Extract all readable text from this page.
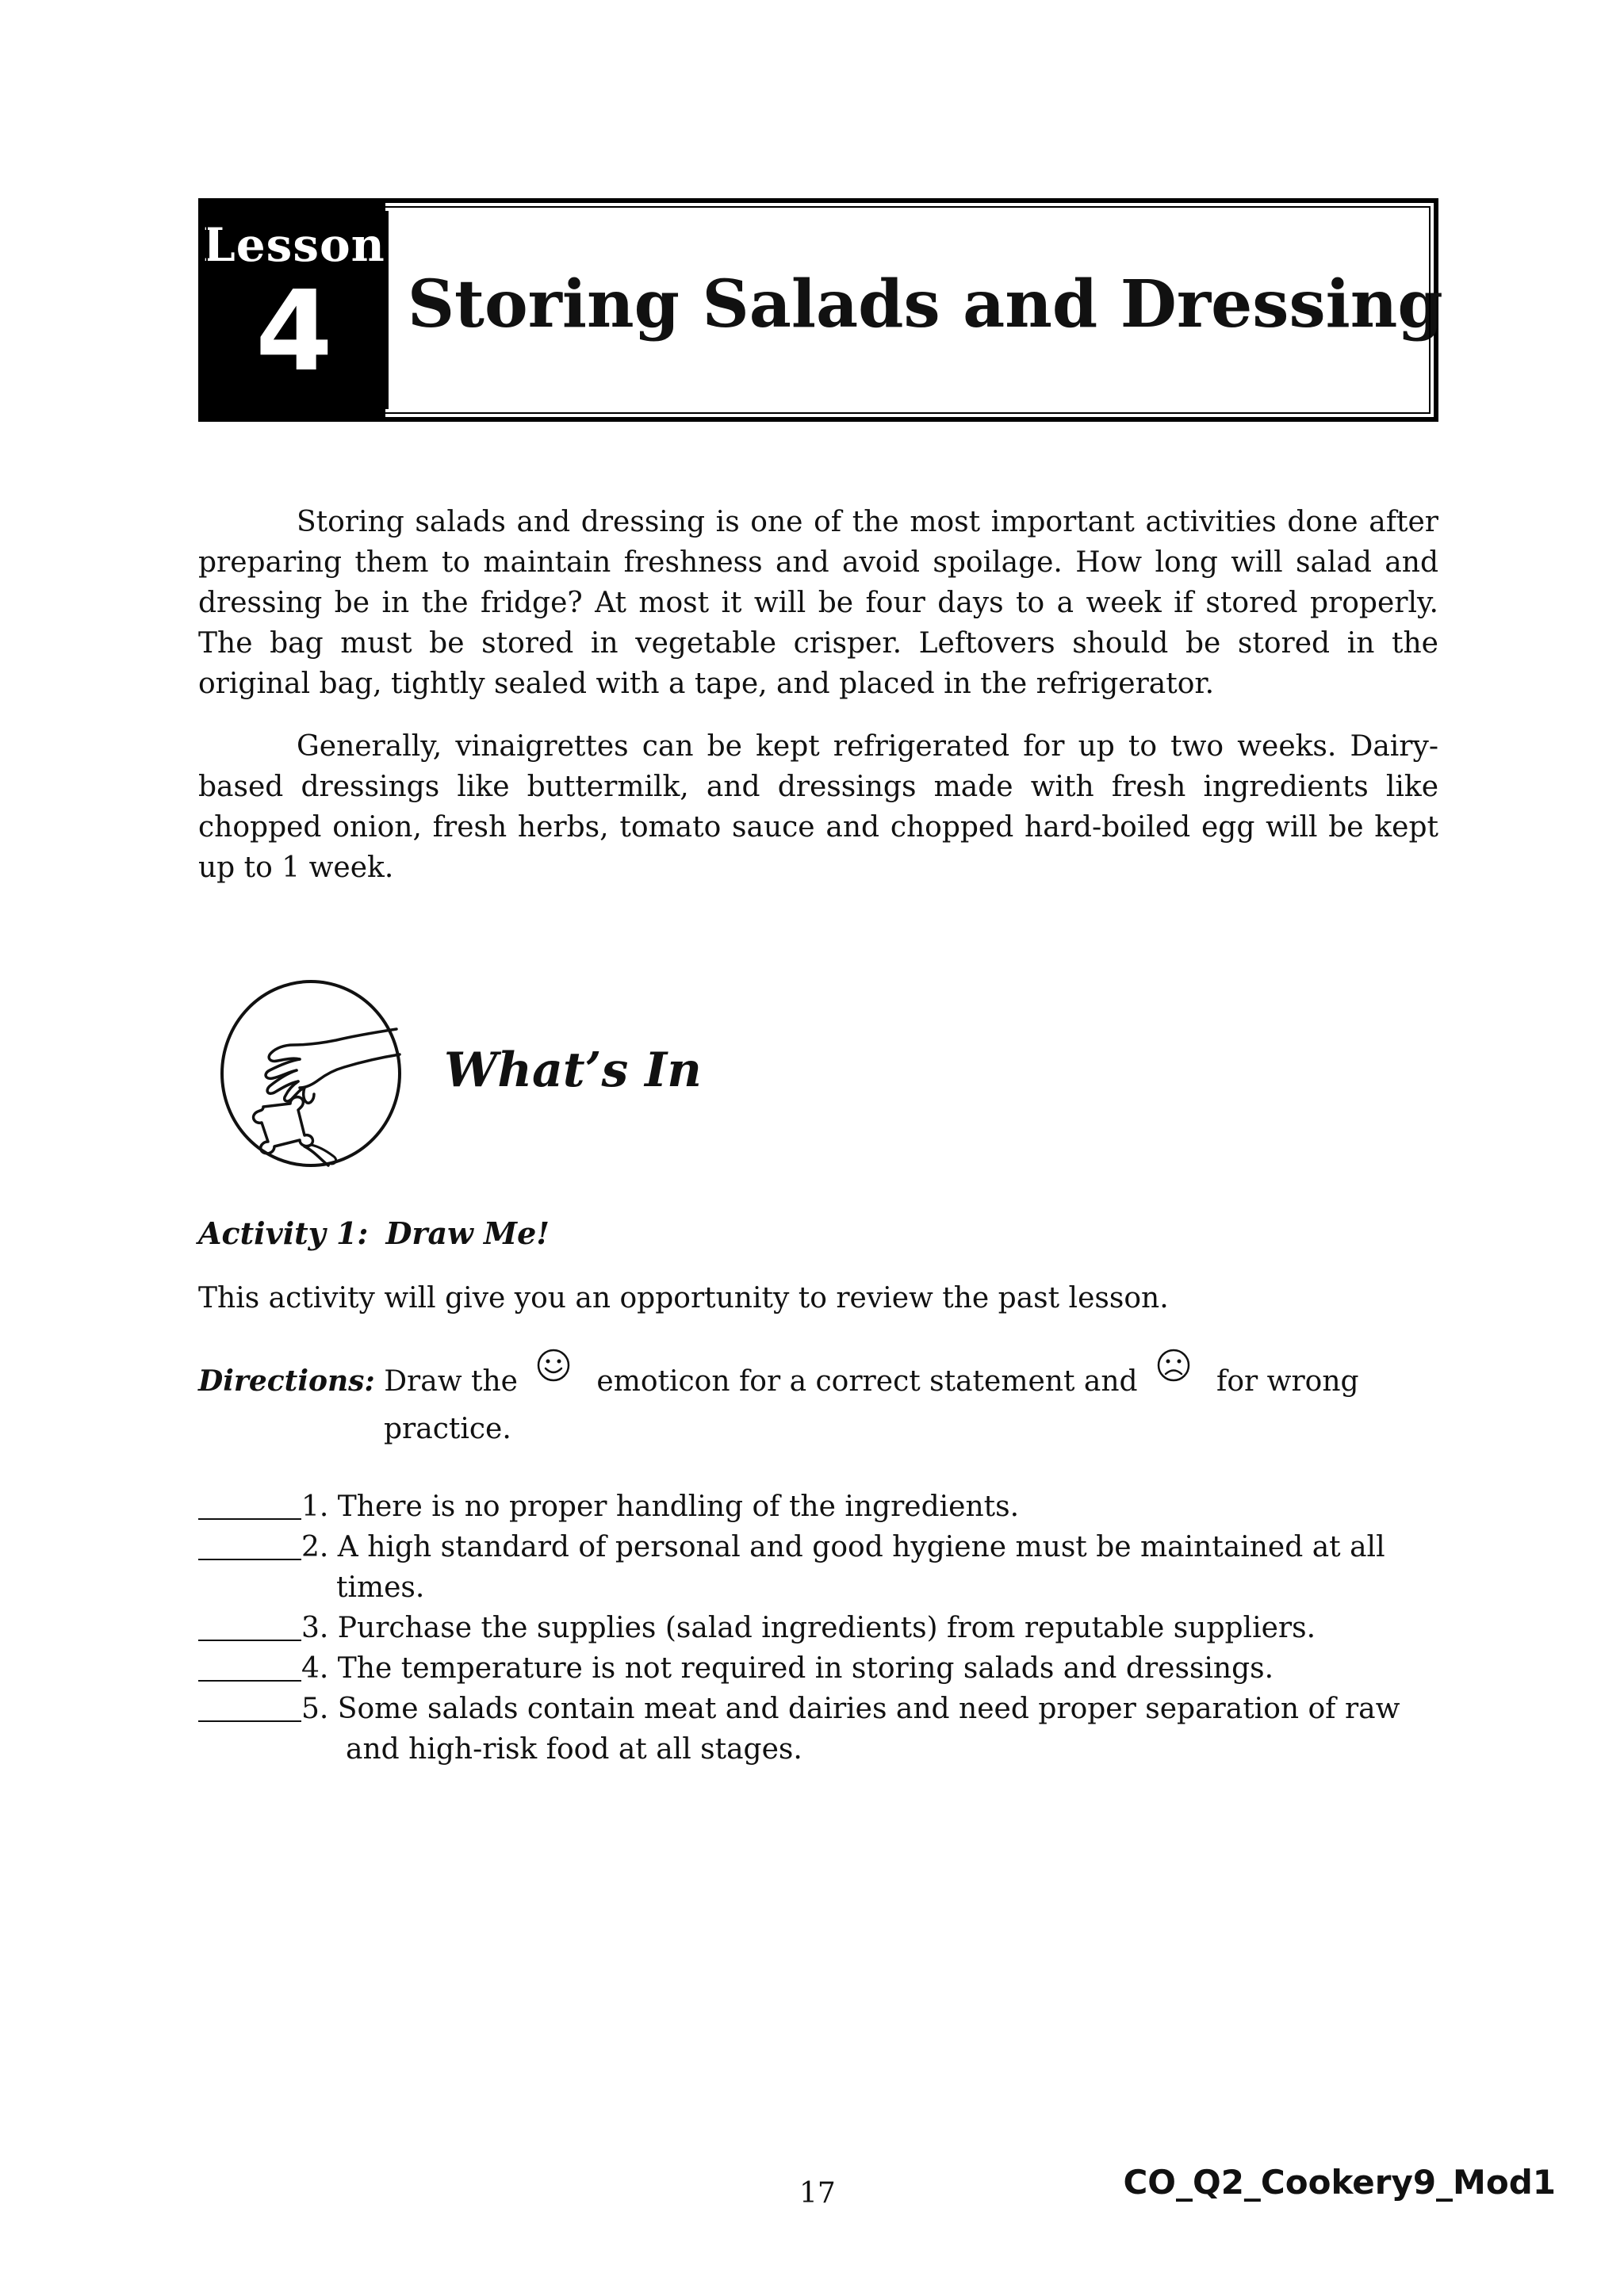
Lesson
4 Storing Salads and Dressing

Storing salads and dressing is one of the most important activities done after preparing them to maintain freshness and avoid spoilage. How long will salad and dressing be in the fridge? At most it will be four days to a week if stored properly. The bag must be stored in vegetable crisper. Leftovers should be stored in the original bag, tightly sealed with a tape, and placed in the refrigerator.

Generally, vinaigrettes can be kept refrigerated for up to two weeks. Dairy-based dressings like buttermilk, and dressings made with fresh ingredients like chopped onion, fresh herbs, tomato sauce and chopped hard-boiled egg will be kept up to 1 week.

What’s In
Activity 1: Draw Me!
This activity will give you an opportunity to review the past lesson.
Directions: Draw the	emoticon for a correct statement and	for wrong
practice.
1. There is no proper handling of the ingredients.
2. A high standard of personal and good hygiene must be maintained at all
times.
3. Purchase the supplies (salad ingredients) from reputable suppliers.
4. The temperature is not required in storing salads and dressings.
5. Some salads contain meat and dairies and need proper separation of raw
and high-risk food at all stages.
17	CO_Q2_Cookery9_Mod1
